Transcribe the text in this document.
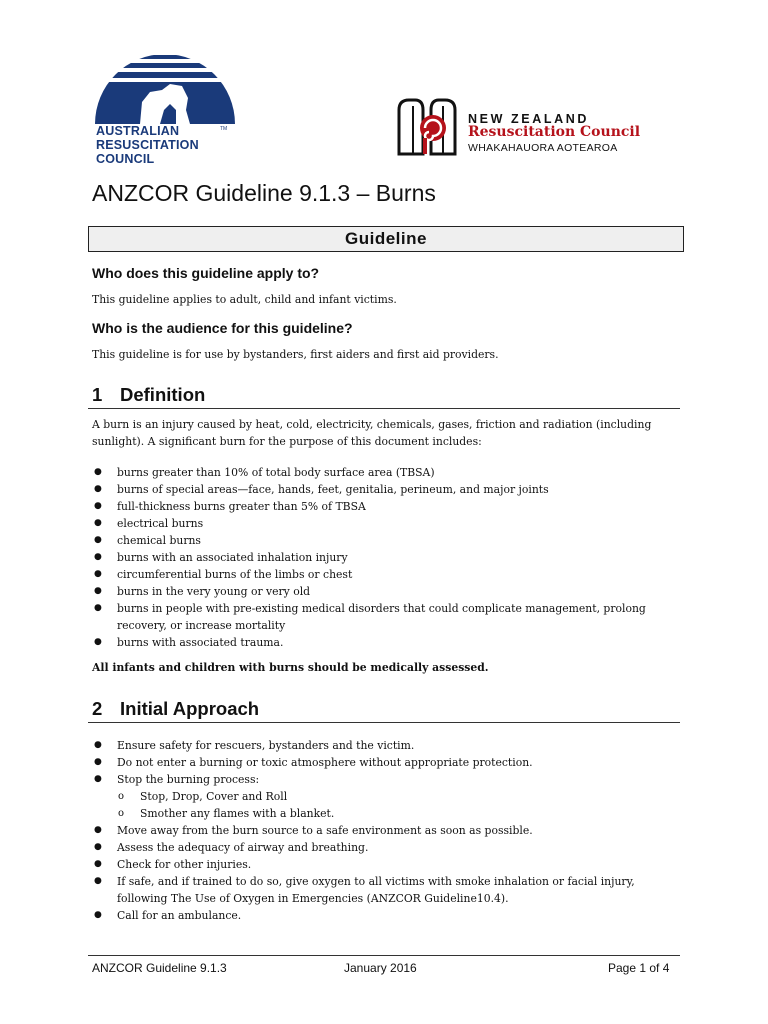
TM
AUSTRALIAN
RESUSCITATION
COUNCIL
NEW ZEALAND
Resuscitation Council
WHAKAHAUORA AOTEAROA
ANZCOR Guideline 9.1.3 – Burns
Guideline
Who does this guideline apply to?
This guideline applies to adult, child and infant victims.
Who is the audience for this guideline?
This guideline is for use by bystanders, first aiders and first aid providers.
1 Definition
A burn is an injury caused by heat, cold, electricity, chemicals, gases, friction and radiation (including
sunlight). A significant burn for the purpose of this document includes:
● burns greater than 10% of total body surface area (TBSA)
● burns of special areas—face, hands, feet, genitalia, perineum, and major joints
● full-thickness burns greater than 5% of TBSA
● electrical burns
● chemical burns
● burns with an associated inhalation injury
● circumferential burns of the limbs or chest
● burns in the very young or very old
● burns in people with pre-existing medical disorders that could complicate management, prolong
recovery, or increase mortality
● burns with associated trauma.
All infants and children with burns should be medically assessed.
2 Initial Approach
● Ensure safety for rescuers, bystanders and the victim.
● Do not enter a burning or toxic atmosphere without appropriate protection.
● Stop the burning process:
o Stop, Drop, Cover and Roll
o Smother any flames with a blanket.
● Move away from the burn source to a safe environment as soon as possible.
● Assess the adequacy of airway and breathing.
● Check for other injuries.
● If safe, and if trained to do so, give oxygen to all victims with smoke inhalation or facial injury,
following The Use of Oxygen in Emergencies (ANZCOR Guideline10.4).
● Call for an ambulance.
ANZCOR Guideline 9.1.3	January 2016	Page 1 of 4
